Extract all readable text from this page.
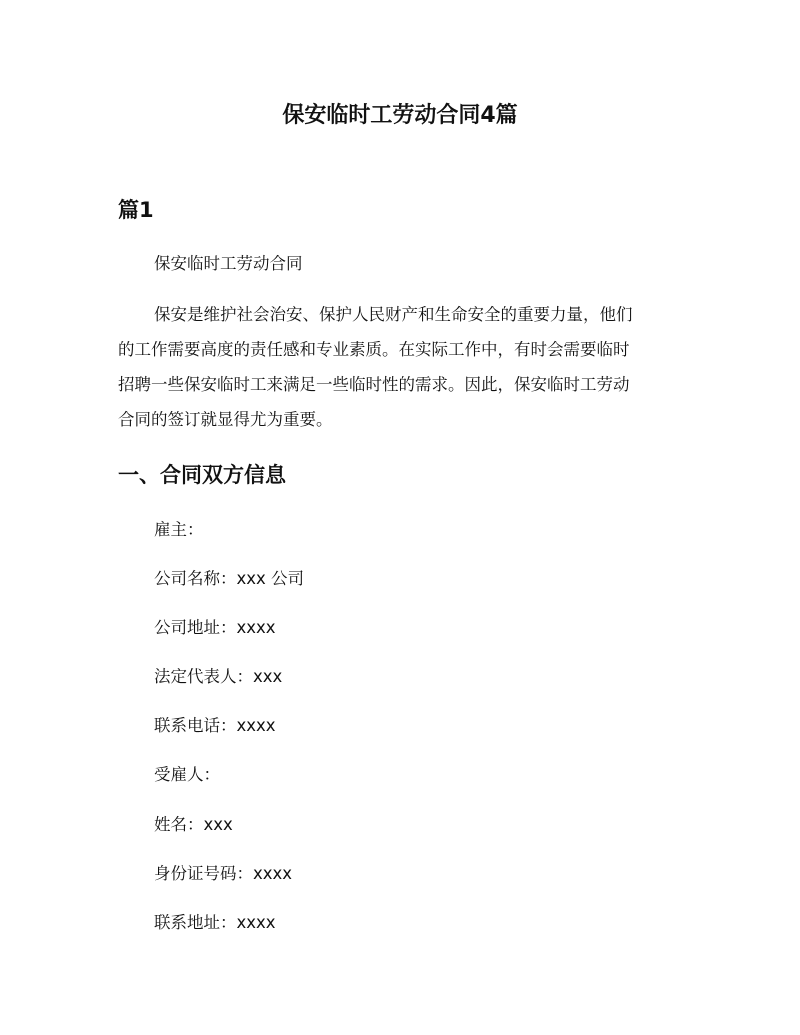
保安临时工劳动合同4篇
篇1

保安临时工劳动合同

保安是维护社会治安、保护人民财产和生命安全的重要力量，他们
的工作需要高度的责任感和专业素质。在实际工作中，有时会需要临时
招聘一些保安临时工来满足一些临时性的需求。因此，保安临时工劳动
合同的签订就显得尤为重要。

一、合同双方信息

雇主：

公司名称：xxx 公司

公司地址：xxxx

法定代表人：xxx

联系电话：xxxx

受雇人：

姓名：xxx

身份证号码：xxxx

联系地址：xxxx
